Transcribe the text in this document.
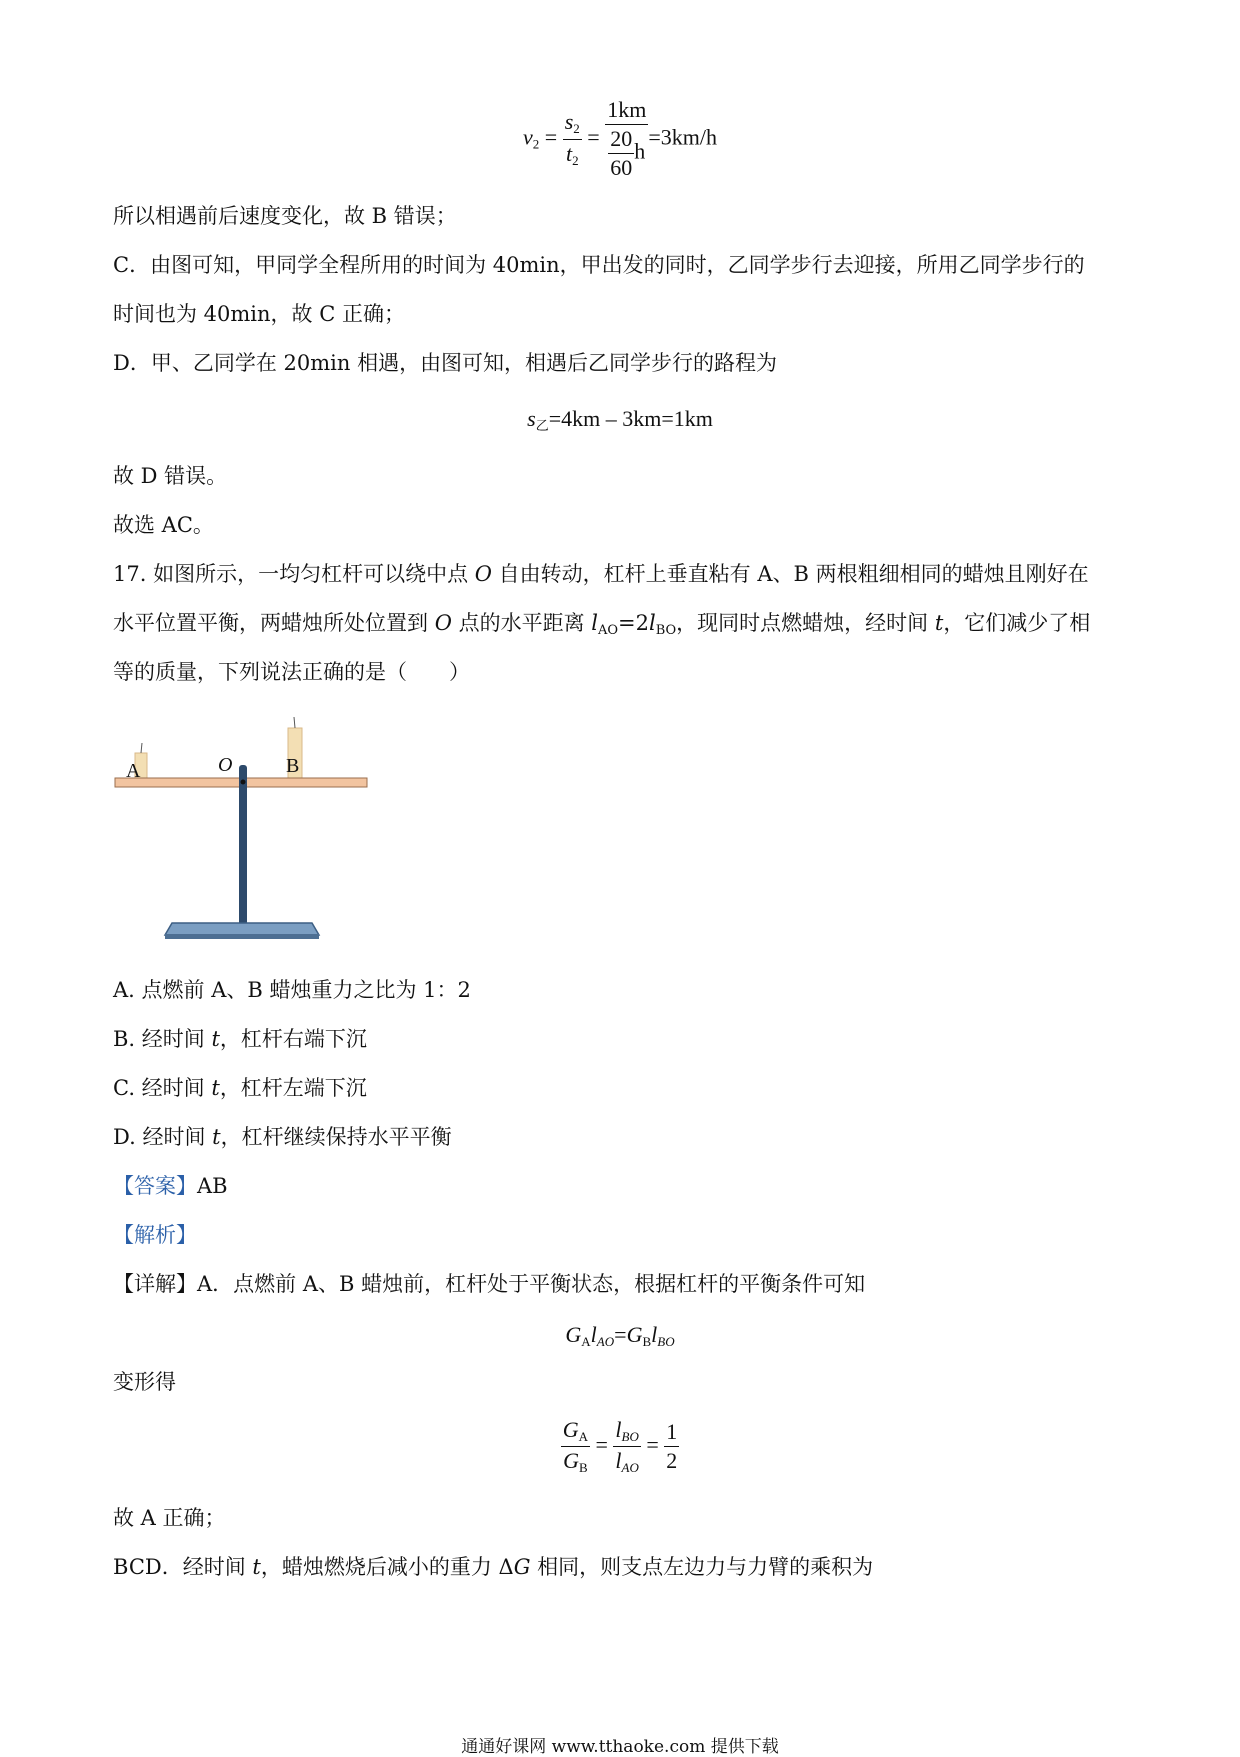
$v_2 = \frac{s_2}{t_2} = \frac{1km}{\frac{20}{60} h} =3km/h$
所以相遇前后速度变化，故 B 错误；
C．由图可知，甲同学全程所用的时间为 40min，甲出发的同时，乙同学步行去迎接，所用乙同学步行的
时间也为 40min，故 C 正确；
D．甲、乙同学在 20min 相遇，由图可知，相遇后乙同学步行的路程为
$s_乙=4km - 3km=1km$
故 D 错误。
故选 AC。
17. 如图所示，一均匀杠杆可以绕中点 O 自由转动，杠杆上垂直粘有 A、B 两根粗细相同的蜡烛且刚好在
水平位置平衡，两蜡烛所处位置到 O 点的水平距离 $l_{AO}=2l_{BO}$，现同时点燃蜡烛，经时间 t，它们减少了相
等的质量，下列说法正确的是（　　）
A	O	B
A. 点燃前 A、B 蜡烛重力之比为 1：2
B. 经时间 t，杠杆右端下沉
C. 经时间 t，杠杆左端下沉
D. 经时间 t，杠杆继续保持水平平衡
【答案】AB
【解析】
【详解】A．点燃前 A、B 蜡烛前，杠杆处于平衡状态，根据杠杆的平衡条件可知
$G_Al_{AO}=G_Bl_{BO}$
变形得
$\frac{G_A}{G_B} = \frac{l_{BO}}{l_{AO}} = \frac{1}{2}$
故 A 正确；
BCD．经时间 t，蜡烛燃烧后减小的重力 ΔG 相同，则支点左边力与力臂的乘积为
通通好课网 www.tthaoke.com 提供下载
